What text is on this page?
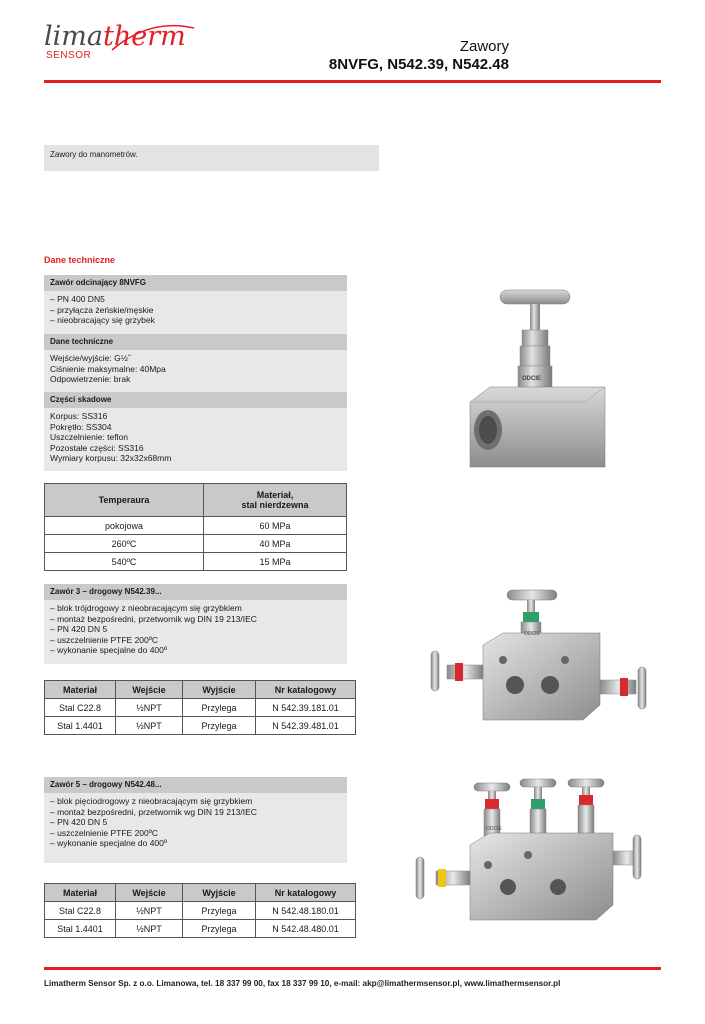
limatherm
SENSOR
Zawory
8NVFG, N542.39, N542.48
Zawory do manometrów.
Dane techniczne
Zawór odcinający 8NVFG
– PN 400 DN5
– przyłącza żeńskie/męskie
– nieobracający się grzybek
Dane techniczne
Wejście/wyjście: G½˝
Ciśnienie maksymalne: 40Mpa
Odpowietrzenie: brak
Części skadowe
Korpus: SS316
Pokrętło: SS304
Uszczelnienie: teflon
Pozostałe części: SS316
Wymiary korpusu: 32x32x68mm
Temperaura	Materiał,
stal nierdzewna

pokojowa	60 MPa
260ºC	40 MPa
540ºC	15 MPa
Zawór 3 – drogowy N542.39...
– blok trójdrogowy z nieobracającym się grzybkiem
– montaż bezpośredni, przetwornik wg DIN 19 213/IEC
– PN 420 DN 5
– uszczelnienie PTFE 200ºC
– wykonanie specjalne do 400º
Materiał	Wejście	Wyjście	Nr katalogowy
Stal C22.8	½NPT	Przylega	N 542.39.181.01
Stal 1.4401	½NPT	Przylega	N 542.39.481.01
Zawór 5 – drogowy N542.48...
– blok pięciodrogowy z nieobracającym się grzybkiem
– montaż bezpośredni, przetwornik wg DIN 19 213/IEC
– PN 420 DN 5
– uszczelnienie PTFE 200ºC
– wykonanie specjalne do 400º
Materiał	Wejście	Wyjście	Nr katalogowy
Stal C22.8	½NPT	Przylega	N 542.48.180.01
Stal 1.4401	½NPT	Przylega	N 542.48.480.01
ODCIE
ODCIE
ODCIE
Limatherm Sensor Sp. z o.o. Limanowa, tel. 18 337 99 00, fax 18 337 99 10, e-mail: akp@limathermsensor.pl, www.limathermsensor.pl
